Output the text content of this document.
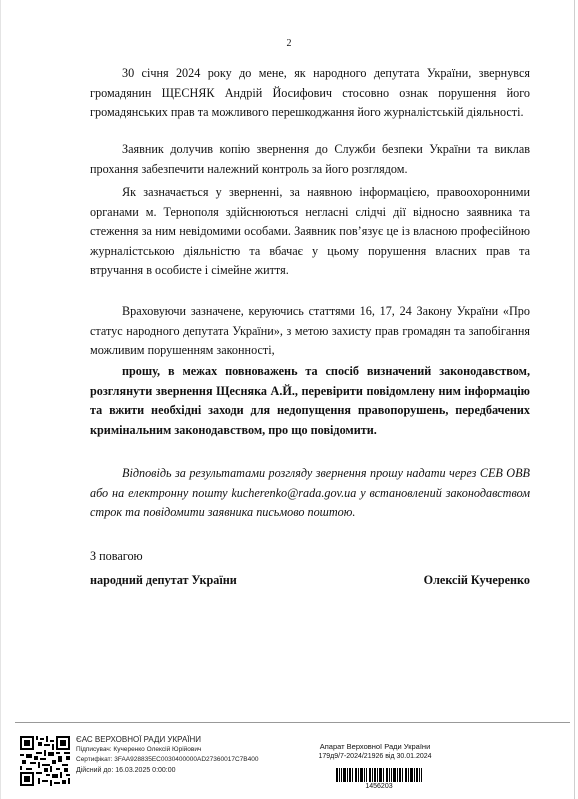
2

30 січня 2024 року до мене, як народного депутата України, звернувся громадянин ЩЕСНЯК Андрій Йосифович стосовно ознак порушення його громадянських прав та можливого перешкоджання його журналістській діяльності.

Заявник долучив копію звернення до Служби безпеки України та виклав прохання забезпечити належний контроль за його розглядом.

Як зазначається у зверненні, за наявною інформацією, правоохоронними органами м. Тернополя здійснюються негласні слідчі дії відносно заявника та стеження за ним невідомими особами. Заявник пов’язує це із власною професійною журналістською діяльністю та вбачає у цьому порушення власних прав та втручання в особисте і сімейне життя.

Враховуючи зазначене, керуючись статтями 16, 17, 24 Закону України «Про статус народного депутата України», з метою захисту прав громадян та запобігання можливим порушенням законності,

прошу, в межах повноважень та спосіб визначений законодавством, розглянути звернення Щесняка А.Й., перевірити повідомлену ним інформацію та вжити необхідні заходи для недопущення правопорушень, передбачених кримінальним законодавством, про що повідомити.

Відповідь за результатами розгляду звернення прошу надати через СЕВ ОВВ або на електронну пошту kucherenko@rada.gov.ua у встановлений законодавством строк та повідомити заявника письмово поштою.

З повагою
народний депутат України	Олексій Кучеренко
ЄАС ВЕРХОВНОЇ РАДИ УКРАЇНИ
Підписувач: Кучеренко Олексій Юрійович
Сертифікат: 3FAA928835EC0030400000AD27360017C7B400
Дійсний до: 16.03.2025 0:00:00
Апарат Верховної Ради України
179д9/7-2024/21926 від 30.01.2024
1456203
